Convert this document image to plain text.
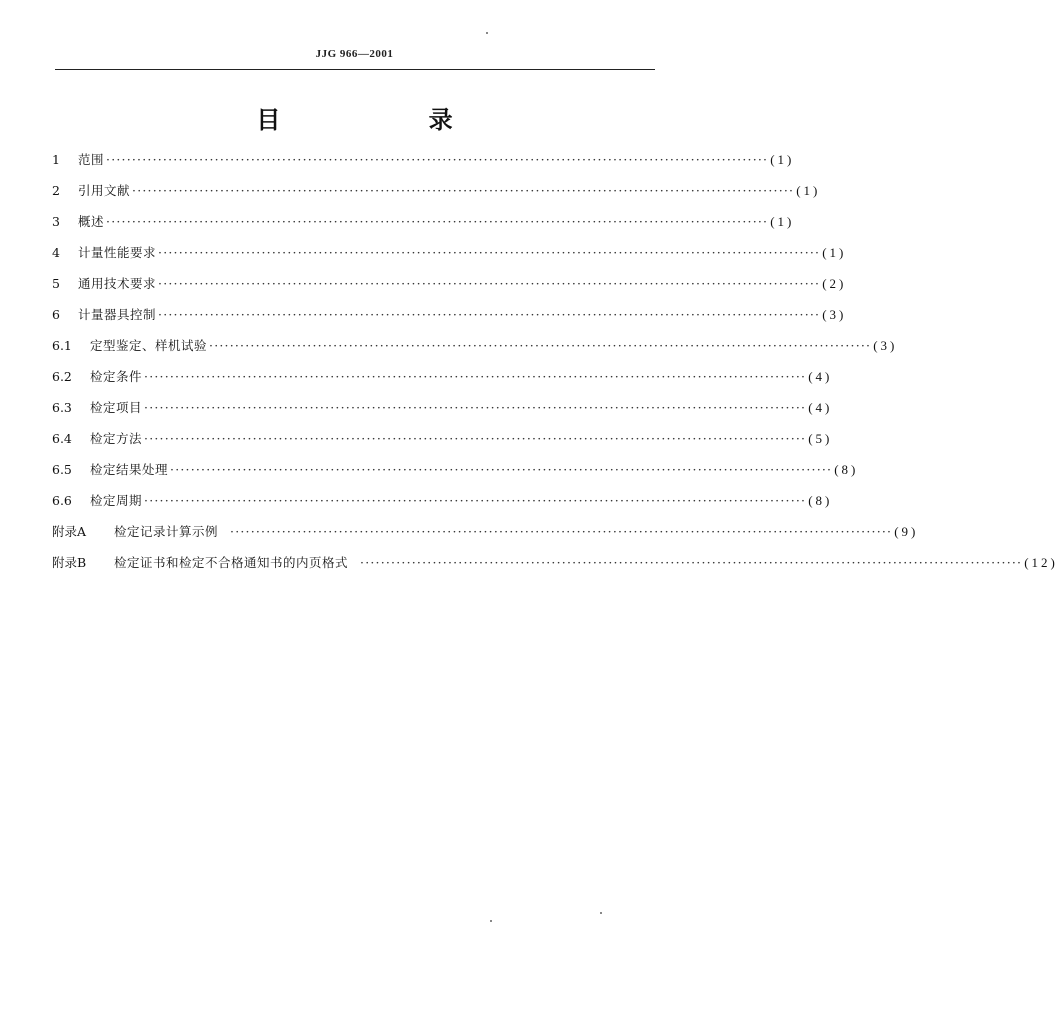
JJG 966—2001
目 录
1	范围 ································································································································ (1)
2	引用文献 ································································································································ (1)
3	概述 ································································································································ (1)
4	计量性能要求 ································································································································ (1)
5	通用技术要求 ································································································································ (2)
6	计量器具控制 ································································································································ (3)
6.1	定型鉴定、样机试验 ································································································································ (3)
6.2	检定条件 ································································································································ (4)
6.3	检定项目 ································································································································ (4)
6.4	检定方法 ································································································································ (5)
6.5	检定结果处理 ································································································································ (8)
6.6	检定周期 ································································································································ (8)
附录A	检定记录计算示例 ································································································································ (9)
附录B	检定证书和检定不合格通知书的内页格式 ································································································································ (12)
